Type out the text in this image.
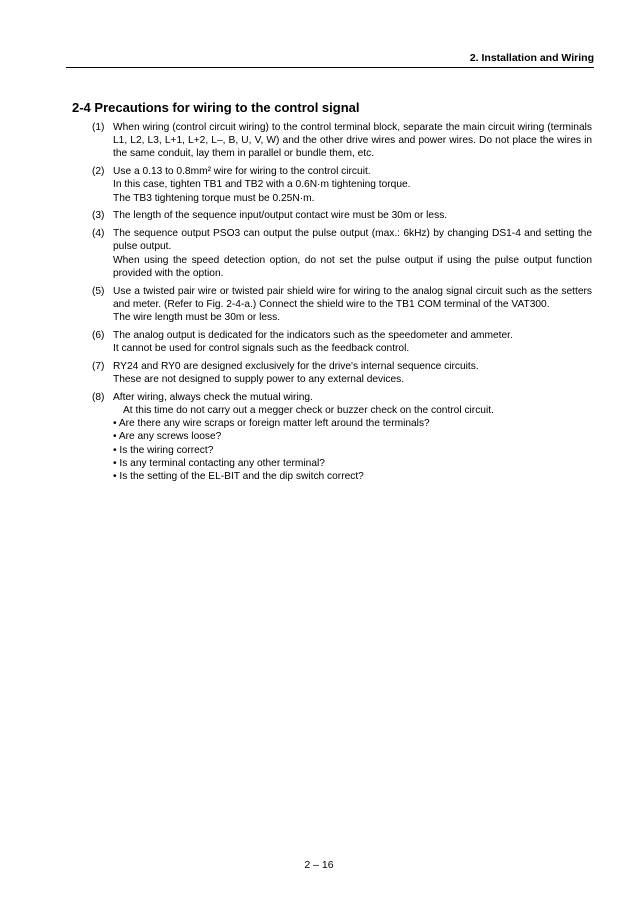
2. Installation and Wiring
2-4 Precautions for wiring to the control signal
(1) When wiring (control circuit wiring) to the control terminal block, separate the main circuit wiring (terminals L1, L2, L3, L+1, L+2, L–, B, U, V, W) and the other drive wires and power wires. Do not place the wires in the same conduit, lay them in parallel or bundle them, etc.
(2) Use a 0.13 to 0.8mm² wire for wiring to the control circuit.
In this case, tighten TB1 and TB2 with a 0.6N·m tightening torque.
The TB3 tightening torque must be 0.25N·m.
(3) The length of the sequence input/output contact wire must be 30m or less.
(4) The sequence output PSO3 can output the pulse output (max.: 6kHz) by changing DS1-4 and setting the pulse output.
When using the speed detection option, do not set the pulse output if using the pulse output function provided with the option.
(5) Use a twisted pair wire or twisted pair shield wire for wiring to the analog signal circuit such as the setters and meter. (Refer to Fig. 2-4-a.) Connect the shield wire to the TB1 COM terminal of the VAT300.
The wire length must be 30m or less.
(6) The analog output is dedicated for the indicators such as the speedometer and ammeter.
It cannot be used for control signals such as the feedback control.
(7) RY24 and RY0 are designed exclusively for the drive's internal sequence circuits.
These are not designed to supply power to any external devices.
(8) After wiring, always check the mutual wiring.
At this time do not carry out a megger check or buzzer check on the control circuit.
• Are there any wire scraps or foreign matter left around the terminals?
• Are any screws loose?
• Is the wiring correct?
• Is any terminal contacting any other terminal?
• Is the setting of the EL-BIT and the dip switch correct?
2 – 16
